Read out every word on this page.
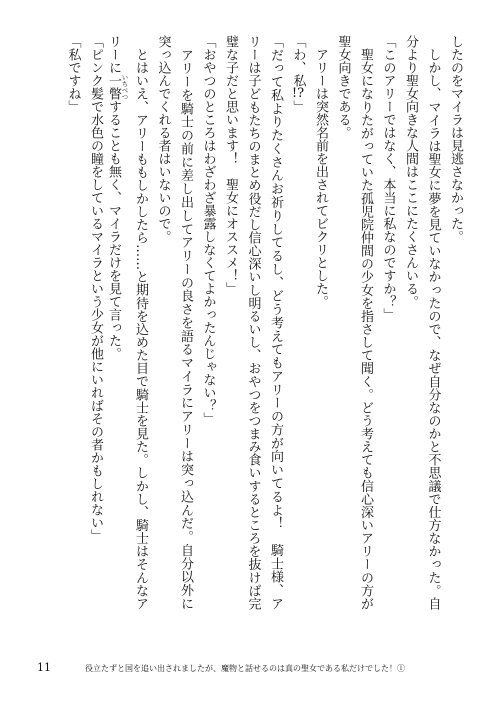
したのをマイラは見逃さなかった。
　しかし、マイラは聖女に夢を見ていなかったので、なぜ自分なのかと不思議で仕方なかった。自
分より聖女向きな人間はここにたくさんいる。
「このアリーではなく、本当に私なのですか？」
　聖女になりたがっていた孤児院仲間の少女を指さして聞く。どう考えても信心深いアリーの方が
聖女向きである。
　アリーは突然名前を出されてビクリとした。
「わ、私!?」
「だって私よりたくさんお祈りしてるし、どう考えてもアリーの方が向いてるよ！　騎士様、ア
リーは子どもたちのまとめ役だし信心深いし明るいし、おやつをつまみ食いするところを抜けば完
璧な子だと思います！　聖女にオススメ！」
「おやつのところはわざわざ暴露しなくてよかったんじゃない？」
　アリーを騎士の前に差し出してアリーの良さを語るマイラにアリーは突っ込んだ。自分以外に
突っ込んでくれる者はいないので。
　とはいえ、アリーももしかしたら……と期待を込めた目で騎士を見た。しかし、騎士はそんなア
リーに一瞥 いちべつすることも無く、マイラだけを見て言った。
「ピンク髪で水色の瞳をしているマイラという少女が他にいればその者かもしれない」
「私ですね」
11	役立たずと国を追い出されましたが、魔物と話せるのは真の聖女である私だけでした！①
